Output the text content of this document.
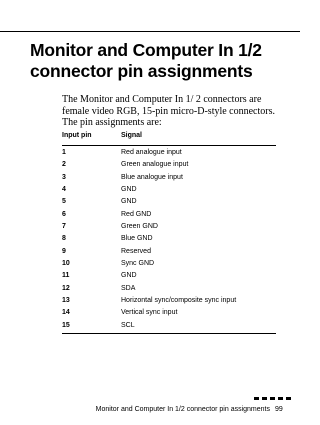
Monitor and Computer In 1/2 connector pin assignments
The Monitor and Computer In 1/ 2 connectors are female video RGB, 15-pin micro-D-style connectors. The pin assignments are:
Input pin	Signal
1	Red analogue input
2	Green analogue input
3	Blue analogue input
4	GND
5	GND
6	Red GND
7	Green GND
8	Blue GND
9	Reserved
10	Sync GND
11	GND
12	SDA
13	Horizontal sync/composite sync input
14	Vertical sync input
15	SCL
Monitor and Computer In 1/2 connector pin assignments 99
